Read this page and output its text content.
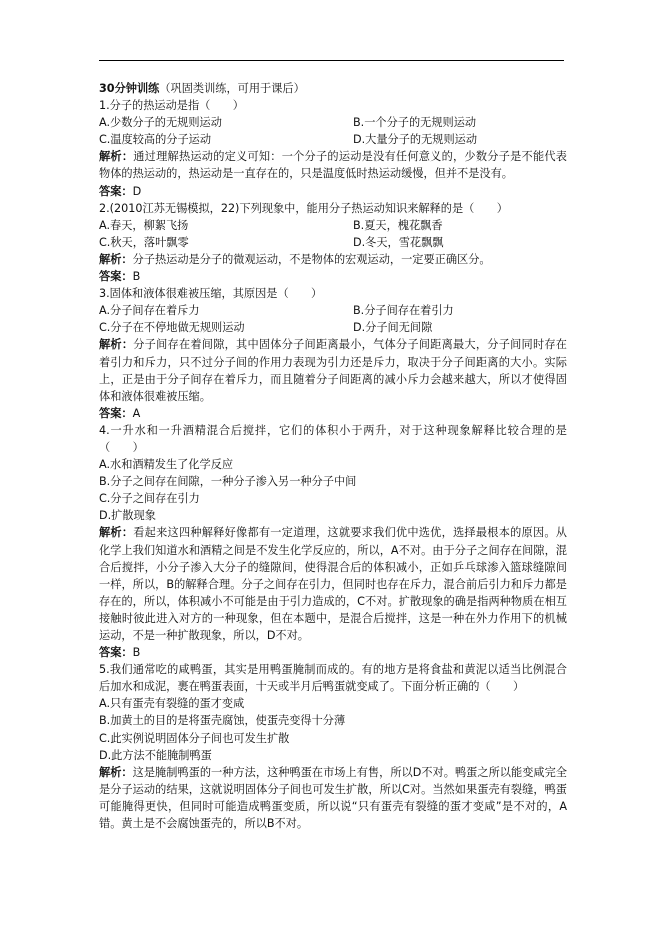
30分钟训练（巩固类训练，可用于课后）
1.分子的热运动是指（　　）
A.少数分子的无规则运动	B.一个分子的无规则运动
C.温度较高的分子运动	D.大量分子的无规则运动
解析：通过理解热运动的定义可知：一个分子的运动是没有任何意义的，少数分子是不能代表物体的热运动的，热运动是一直存在的，只是温度低时热运动缓慢，但并不是没有。
答案：D
2.(2010江苏无锡模拟，22)下列现象中，能用分子热运动知识来解释的是（　　）
A.春天，柳絮飞扬	B.夏天，槐花飘香
C.秋天，落叶飘零	D.冬天，雪花飘飘
解析：分子热运动是分子的微观运动，不是物体的宏观运动，一定要正确区分。
答案：B
3.固体和液体很难被压缩，其原因是（　　）
A.分子间存在着斥力	B.分子间存在着引力
C.分子在不停地做无规则运动	D.分子间无间隙
解析：分子间存在着间隙，其中固体分子间距离最小，气体分子间距离最大，分子间同时存在着引力和斥力，只不过分子间的作用力表现为引力还是斥力，取决于分子间距离的大小。实际上，正是由于分子间存在着斥力，而且随着分子间距离的减小斥力会越来越大，所以才使得固体和液体很难被压缩。
答案：A
4.一升水和一升酒精混合后搅拌，它们的体积小于两升，对于这种现象解释比较合理的是（　　）
A.水和酒精发生了化学反应
B.分子之间存在间隙，一种分子渗入另一种分子中间
C.分子之间存在引力
D.扩散现象
解析：看起来这四种解释好像都有一定道理，这就要求我们优中选优，选择最根本的原因。从化学上我们知道水和酒精之间是不发生化学反应的，所以，A不对。由于分子之间存在间隙，混合后搅拌，小分子渗入大分子的缝隙间，使得混合后的体积减小，正如乒乓球渗入篮球缝隙间一样，所以，B的解释合理。分子之间存在引力，但同时也存在斥力，混合前后引力和斥力都是存在的，所以，体积减小不可能是由于引力造成的，C不对。扩散现象的确是指两种物质在相互接触时彼此进入对方的一种现象，但在本题中，是混合后搅拌，这是一种在外力作用下的机械运动，不是一种扩散现象，所以，D不对。
答案：B
5.我们通常吃的咸鸭蛋，其实是用鸭蛋腌制而成的。有的地方是将食盐和黄泥以适当比例混合后加水和成泥，裹在鸭蛋表面，十天或半月后鸭蛋就变咸了。下面分析正确的（　　）
A.只有蛋壳有裂缝的蛋才变咸
B.加黄土的目的是将蛋壳腐蚀，使蛋壳变得十分薄
C.此实例说明固体分子间也可发生扩散
D.此方法不能腌制鸭蛋
解析：这是腌制鸭蛋的一种方法，这种鸭蛋在市场上有售，所以D不对。鸭蛋之所以能变咸完全是分子运动的结果，这就说明固体分子间也可发生扩散，所以C对。当然如果蛋壳有裂缝，鸭蛋可能腌得更快，但同时可能造成鸭蛋变质，所以说“只有蛋壳有裂缝的蛋才变咸”是不对的，A错。黄土是不会腐蚀蛋壳的，所以B不对。
